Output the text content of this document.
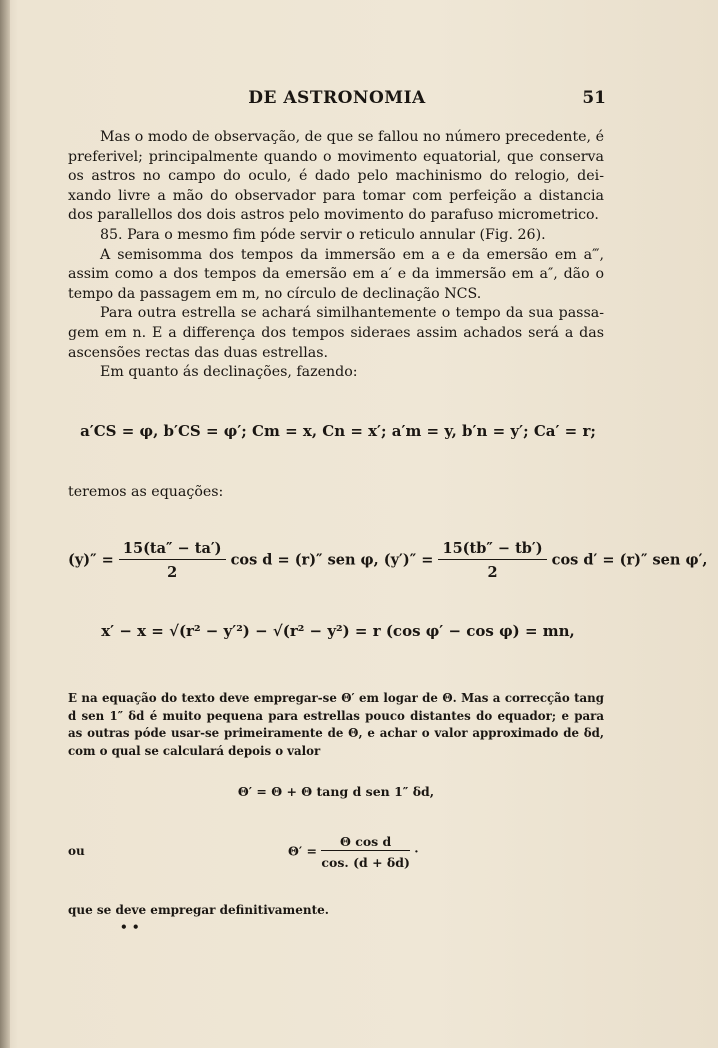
DE ASTRONOMIA	51

Mas o modo de observação, de que se fallou no número precedente, é preferivel; principalmente quando o movimento equatorial, que conserva os astros no campo do oculo, é dado pelo machinismo do relogio, dei-xando livre a mão do observador para tomar com perfeição a distancia dos parallellos dos dois astros pelo movimento do parafuso micrometrico.

85. Para o mesmo fim póde servir o reticulo annular (Fig. 26).

A semisomma dos tempos da immersão em a e da emersão em a‴, assim como a dos tempos da emersão em a′ e da immersão em a″, dão o tempo da passagem em m, no círculo de declinação NCS.

Para outra estrella se achará similhantemente o tempo da sua passa-gem em n. E a differença dos tempos sideraes assim achados será a das ascensões rectas das duas estrellas.

Em quanto ás declinações, fazendo:

a′CS = φ, b′CS = φ′; Cm = x, Cn = x′; a′m = y, b′n = y′; Ca′ = r;
teremos as equações:
$(y)'' = \frac{15(ta'' - ta')}{2}$ cos d = (r)″ sen φ, $(y')'' = \frac{15(tb'' - tb')}{2}$ cos d′ = (r)″ sen φ′,
x′ − x = √(r² − y′²) − √(r² − y²) = r (cos φ′ − cos φ) = mn,

E na equação do texto deve empregar-se Θ′ em logar de Θ. Mas a correcção tang d sen 1″ δd é muito pequena para estrellas pouco distantes do equador; e para as outras póde usar-se primeiramente de Θ, e achar o valor approximado de δd, com o qual se calculará depois o valor

Θ′ = Θ + Θ tang d sen 1″ δd,
ou	$\Theta' = \frac{\text{Θ cos d}}{\cos. (d + \delta d)}$ ·
que se deve empregar definitivamente.
• •
